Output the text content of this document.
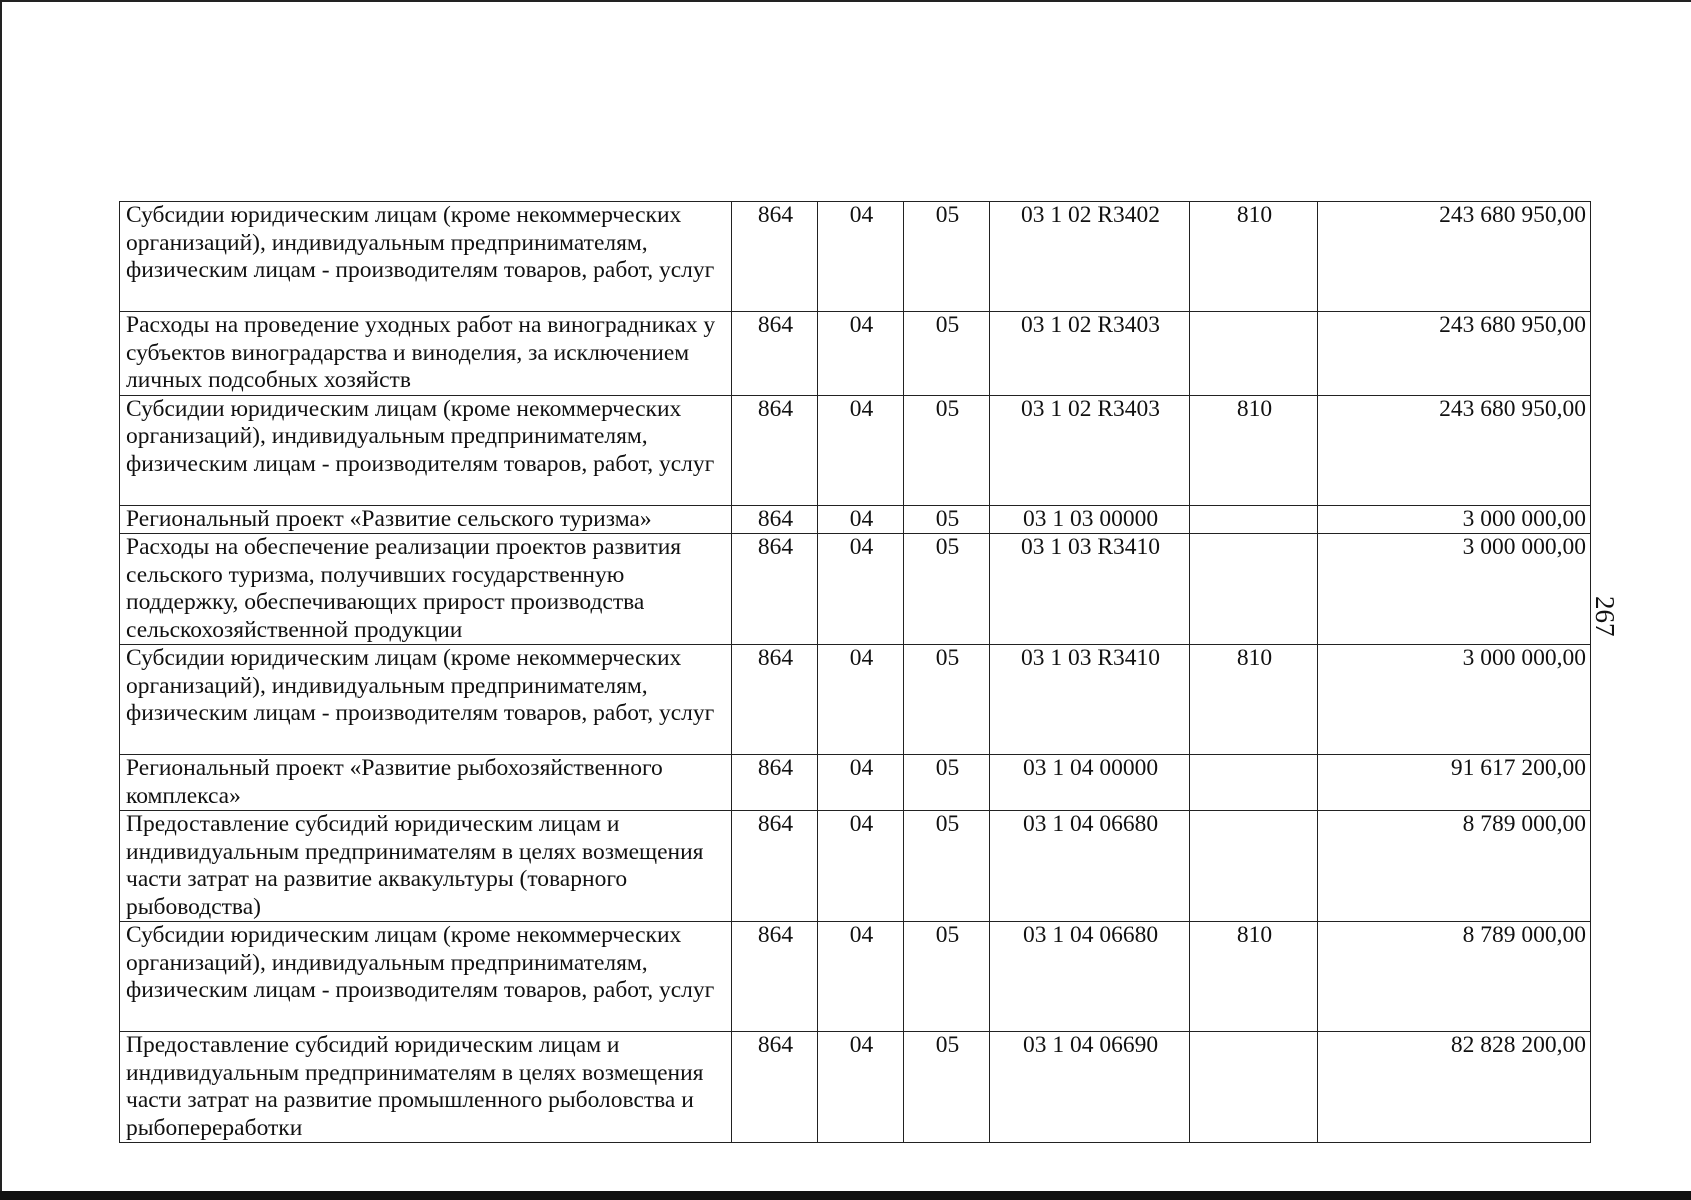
Субсидии юридическим лицам (кроме некоммерческих организаций), индивидуальным предпринимателям, физическим лицам - производителям товаров, работ, услуг	864	04	05	03 1 02 R3402	810	243 680 950,00
Расходы на проведение уходных работ на виноградниках у субъектов виноградарства и виноделия, за исключением личных подсобных хозяйств	864	04	05	03 1 02 R3403		243 680 950,00
Субсидии юридическим лицам (кроме некоммерческих организаций), индивидуальным предпринимателям, физическим лицам - производителям товаров, работ, услуг	864	04	05	03 1 02 R3403	810	243 680 950,00
Региональный проект «Развитие сельского туризма»	864	04	05	03 1 03 00000		3 000 000,00
Расходы на обеспечение реализации проектов развития сельского туризма, получивших государственную поддержку, обеспечивающих прирост производства сельскохозяйственной продукции	864	04	05	03 1 03 R3410		3 000 000,00
Субсидии юридическим лицам (кроме некоммерческих организаций), индивидуальным предпринимателям, физическим лицам - производителям товаров, работ, услуг	864	04	05	03 1 03 R3410	810	3 000 000,00
Региональный проект «Развитие рыбохозяйственного комплекса»	864	04	05	03 1 04 00000		91 617 200,00
Предоставление субсидий юридическим лицам и индивидуальным предпринимателям в целях возмещения части затрат на развитие аквакультуры (товарного рыбоводства)	864	04	05	03 1 04 06680		8 789 000,00
Субсидии юридическим лицам (кроме некоммерческих организаций), индивидуальным предпринимателям, физическим лицам - производителям товаров, работ, услуг	864	04	05	03 1 04 06680	810	8 789 000,00
Предоставление субсидий юридическим лицам и индивидуальным предпринимателям в целях возмещения части затрат на развитие промышленного рыболовства и рыбопереработки	864	04	05	03 1 04 06690		82 828 200,00
267
